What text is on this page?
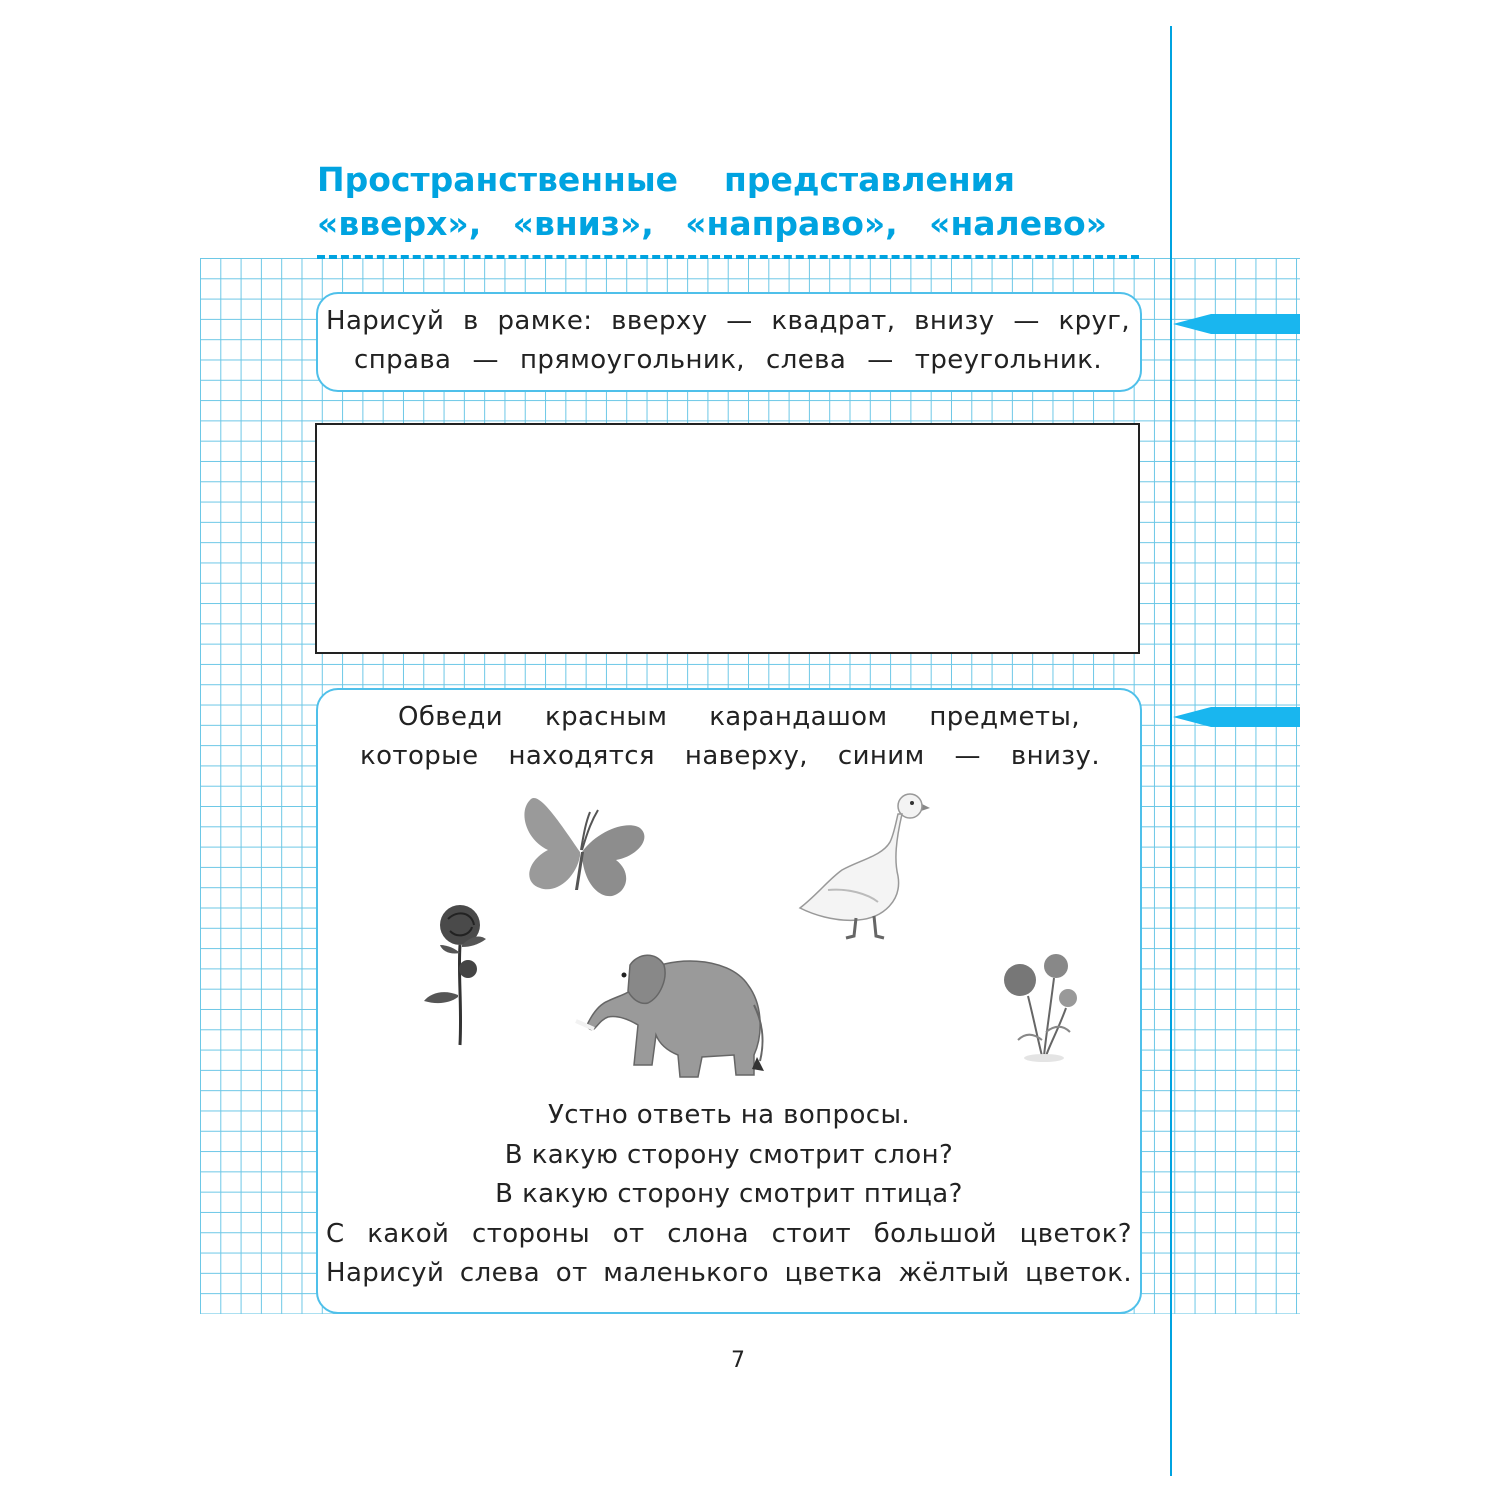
Пространственные представления
«вверх», «вниз», «направо», «налево»
Нарисуй в рамке: вверху — квадрат, внизу — круг,
справа — прямоугольник, слева — треугольник.
Обведи красным карандашом предметы,
которые находятся наверху, синим — внизу.
Устно ответь на вопросы.
В какую сторону смотрит слон?
В какую сторону смотрит птица?
С какой стороны от слона стоит большой цветок?
Нарисуй слева от маленького цветка жёлтый цветок.
7
